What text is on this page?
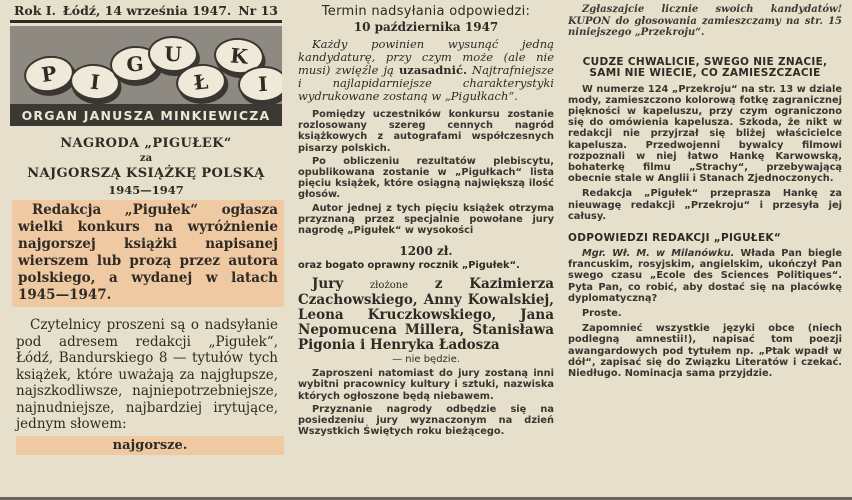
Rok I. Łódź, 14 września 1947. Nr 13
P I
G U
Ł
K
I
ORGAN JANUSZA MINKIEWICZA
NAGRODA „PIGUŁEK“
za
NAJGORSZĄ KSIĄŻKĘ POLSKĄ
1945—1947

Redakcja „Pigułek“ ogłasza wielki konkurs na wyróżnienie najgorszej książki napisanej wierszem lub prozą przez autora polskiego, a wydanej w latach 1945—1947.

Czytelnicy proszeni są o nadsyłanie pod adresem redakcji „Pigułek“, Łódź, Bandurskiego 8 — tytułów tych książek, które uważają za najgłupsze, najszkodliwsze, najniepotrzebniejsze, najnudniejsze, najbardziej irytujące, jednym słowem:

najgorsze.
Termin nadsyłania odpowiedzi:
10 października 1947

Każdy powinien wysunąć jedną kandydaturę, przy czym może (ale nie musi) zwięźle ją uzasadnić. Najtrafniejsze i najlapidarniejsze charakterystyki wydrukowane zostaną w „Pigułkach“.

Pomiędzy uczestników konkursu zostanie rozlosowany szereg cennych nagród książkowych z autografami współczesnych pisarzy polskich.

Po obliczeniu rezultatów plebiscytu, opublikowana zostanie w „Pigułkach“ lista pięciu książek, które osiągną największą ilość głosów.

Autor jednej z tych pięciu książek otrzyma przyznaną przez specjalnie powołane jury nagrodę „Pigułek“ w wysokości

1200 zł.
oraz bogato oprawny rocznik „Pigułek“.

Jury	złożone z Kazimierza Czachowskiego, Anny Kowalskiej, Leona Kruczkowskiego, Jana Nepomucena Millera, Stanisława Pigonia i Henryka Ładosza

— nie będzie.

Zaproszeni natomiast do jury zostaną inni wybitni pracownicy kultury i sztuki, nazwiska których ogłoszone będą niebawem.

Przyznanie nagrody odbędzie się na posiedzeniu jury wyznaczonym na dzień Wszystkich Świętych roku bieżącego.

Zgłaszajcie licznie swoich kandydatów! KUPON do głosowania zamieszczamy na str. 15 niniejszego „Przekroju“.

CUDZE CHWALICIE, SWEGO NIE ZNACIE, SAMI NIE WIECIE, CO ZAMIESZCZACIE

W numerze 124 „Przekroju“ na str. 13 w dziale mody, zamieszczono kolorową fotkę zagranicznej piękności w kapeluszu, przy czym ograniczono się do omówienia kapelusza. Szkoda, że nikt w redakcji nie przyjrzał się bliżej właścicielce kapelusza. Przedwojenni bywalcy filmowi rozpoznali w niej łatwo Hankę Karwowską, bohaterkę filmu „Strachy“, przebywającą obecnie stale w Anglii i Stanach Zjednoczonych.

Redakcja „Pigułek“ przeprasza Hankę za nieuwagę redakcji „Przekroju“ i przesyła jej całusy.

ODPOWIEDZI REDAKCJI „PIGUŁEK“

Mgr. Wł. M. w Milanówku. Włada Pan biegle francuskim, rosyjskim, angielskim, ukończył Pan swego czasu „Ecole des Sciences Politiques“. Pyta Pan, co robić, aby dostać się na placówkę dyplomatyczną?

Proste.

Zapomnieć wszystkie języki obce (niech podlegną amnestii!), napisać tom poezji awangardowych pod tytułem np. „Ptak wpadł w dół“, zapisać się do Związku Literatów i czekać. Niedługo. Nominacja sama przyjdzie.
